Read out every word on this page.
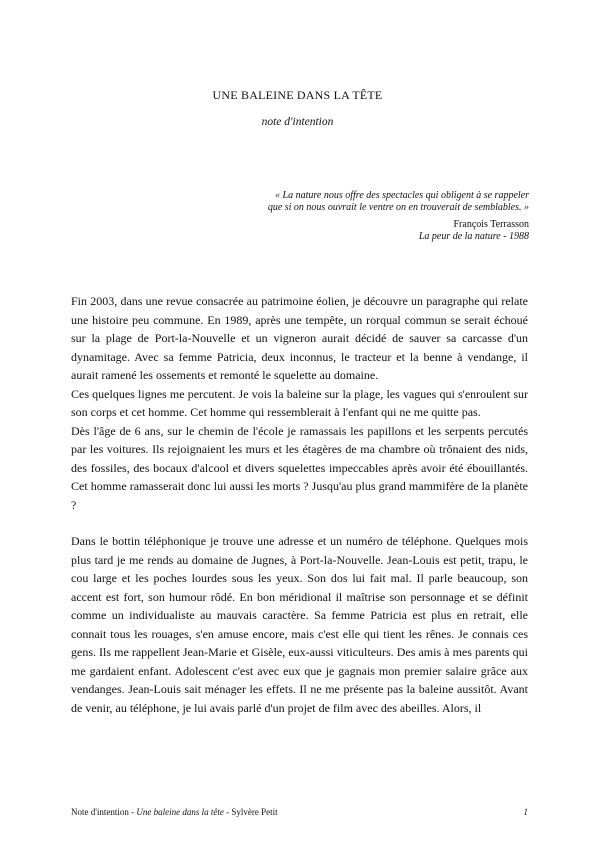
UNE BALEINE DANS LA TÊTE
note d'intention
« La nature nous offre des spectacles qui obligent à se rappeler
que si on nous ouvrait le ventre on en trouverait de semblables. »
François Terrasson
La peur de la nature - 1988

Fin 2003, dans une revue consacrée au patrimoine éolien, je découvre un paragraphe qui relate une histoire peu commune. En 1989, après une tempête, un rorqual commun se serait échoué sur la plage de Port-la-Nouvelle et un vigneron aurait décidé de sauver sa carcasse d'un dynamitage. Avec sa femme Patricia, deux inconnus, le tracteur et la benne à vendange, il aurait ramené les ossements et remonté le squelette au domaine.

Ces quelques lignes me percutent. Je vois la baleine sur la plage, les vagues qui s'enroulent sur son corps et cet homme. Cet homme qui ressemblerait à l'enfant qui ne me quitte pas.

Dès l'âge de 6 ans, sur le chemin de l'école je ramassais les papillons et les serpents percutés par les voitures. Ils rejoignaient les murs et les étagères de ma chambre où trônaient des nids, des fossiles, des bocaux d'alcool et divers squelettes impeccables après avoir été ébouillantés. Cet homme ramasserait donc lui aussi les morts ? Jusqu'au plus grand mammifère de la planète ?

Dans le bottin téléphonique je trouve une adresse et un numéro de téléphone. Quelques mois plus tard je me rends au domaine de Jugnes, à Port-la-Nouvelle. Jean-Louis est petit, trapu, le cou large et les poches lourdes sous les yeux. Son dos lui fait mal. Il parle beaucoup, son accent est fort, son humour rôdé. En bon méridional il maîtrise son personnage et se définit comme un individualiste au mauvais caractère. Sa femme Patricia est plus en retrait, elle connait tous les rouages, s'en amuse encore, mais c'est elle qui tient les rênes. Je connais ces gens. Ils me rappellent Jean-Marie et Gisèle, eux-aussi viticulteurs. Des amis à mes parents qui me gardaient enfant. Adolescent c'est avec eux que je gagnais mon premier salaire grâce aux vendanges. Jean-Louis sait ménager les effets. Il ne me présente pas la baleine aussitôt. Avant de venir, au téléphone, je lui avais parlé d'un projet de film avec des abeilles. Alors, il

Note d'intention - Une baleine dans la tête - Sylvère Petit	1
